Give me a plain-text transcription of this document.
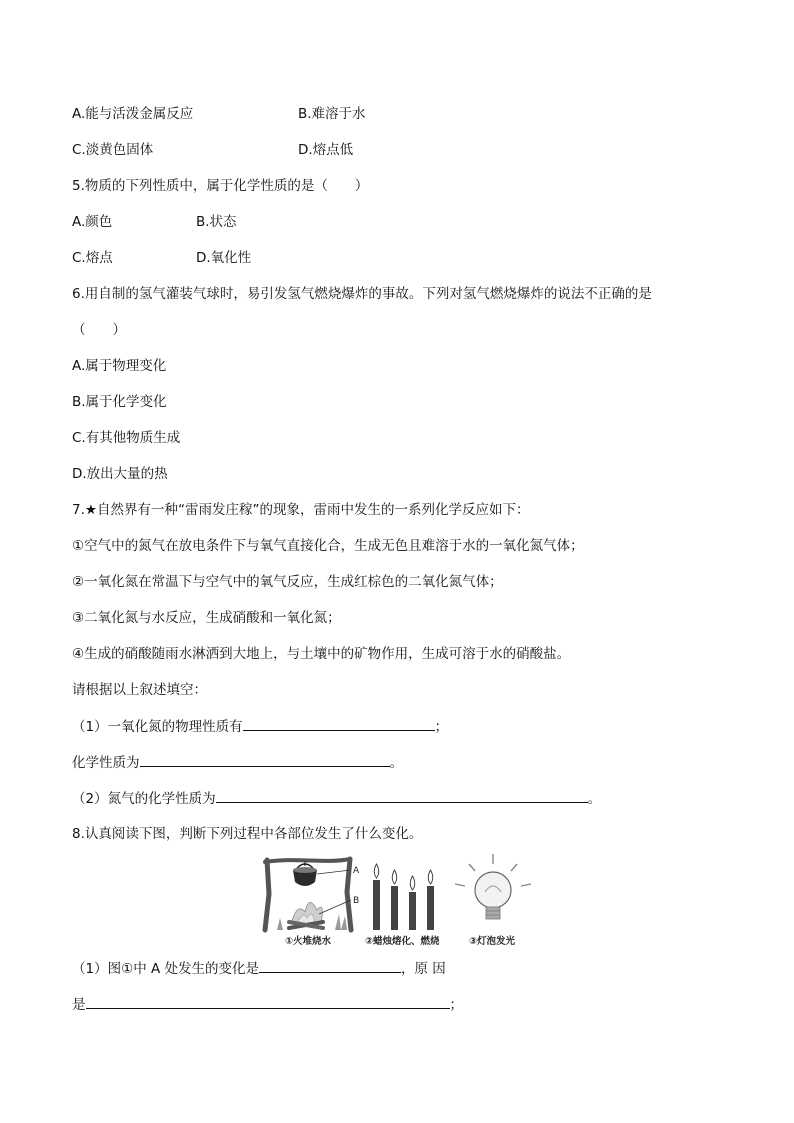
A.能与活泼金属反应	B.难溶于水
C.淡黄色固体	D.熔点低
5.物质的下列性质中，属于化学性质的是（　　）
A.颜色	B.状态
C.熔点	D.氧化性
6.用自制的氢气灌装气球时，易引发氢气燃烧爆炸的事故。下列对氢气燃烧爆炸的说法不正确的是
（　　）
A.属于物理变化
B.属于化学变化
C.有其他物质生成
D.放出大量的热
7.★自然界有一种“雷雨发庄稼”的现象，雷雨中发生的一系列化学反应如下：
①空气中的氮气在放电条件下与氧气直接化合，生成无色且难溶于水的一氧化氮气体；
②一氧化氮在常温下与空气中的氧气反应，生成红棕色的二氧化氮气体；
③二氧化氮与水反应，生成硝酸和一氧化氮；
④生成的硝酸随雨水淋洒到大地上，与土壤中的矿物作用，生成可溶于水的硝酸盐。
请根据以上叙述填空：
（1）一氧化氮的物理性质有	；
化学性质为	。
（2）氮气的化学性质为	。
8.认真阅读下图，判断下列过程中各部位发生了什么变化。
A
B
①火堆烧水	②蜡烛熔化、燃烧	③灯泡发光
（1）图①中 A 处发生的变化是	，原 因
是	；
